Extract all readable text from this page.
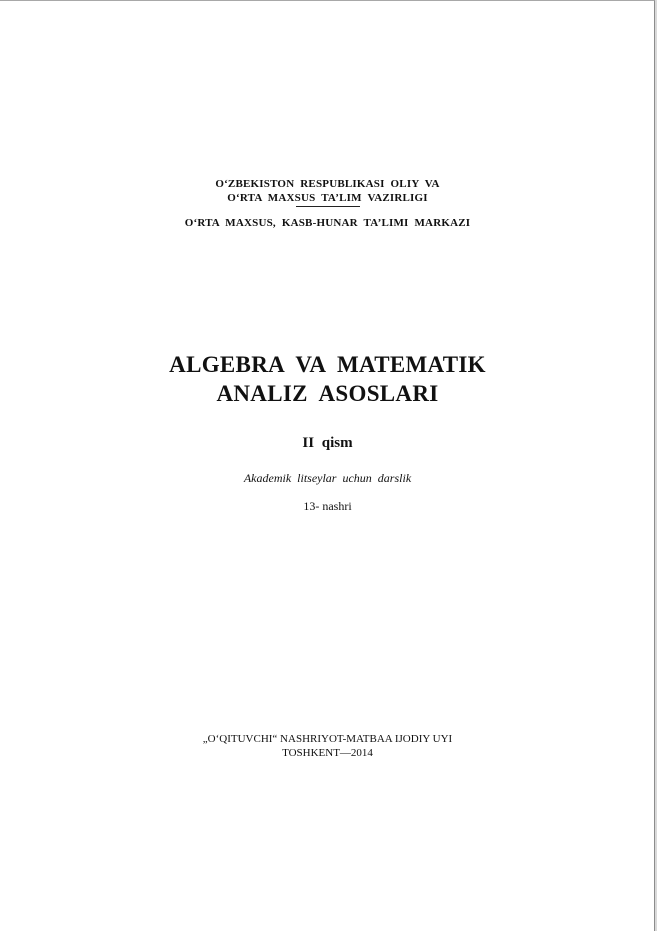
O‘ZBEKISTON RESPUBLIKASI OLIY VA
O‘RTA MAXSUS TA’LIM VAZIRLIGI
O‘RTA MAXSUS, KASB-HUNAR TA’LIMI MARKAZI
ALGEBRA VA MATEMATIK
ANALIZ ASOSLARI
II qism
Akademik litseylar uchun darslik
13- nashri
„O‘QITUVCHI“ NASHRIYOT-MATBAA IJODIY UYI
TOSHKENT—2014
